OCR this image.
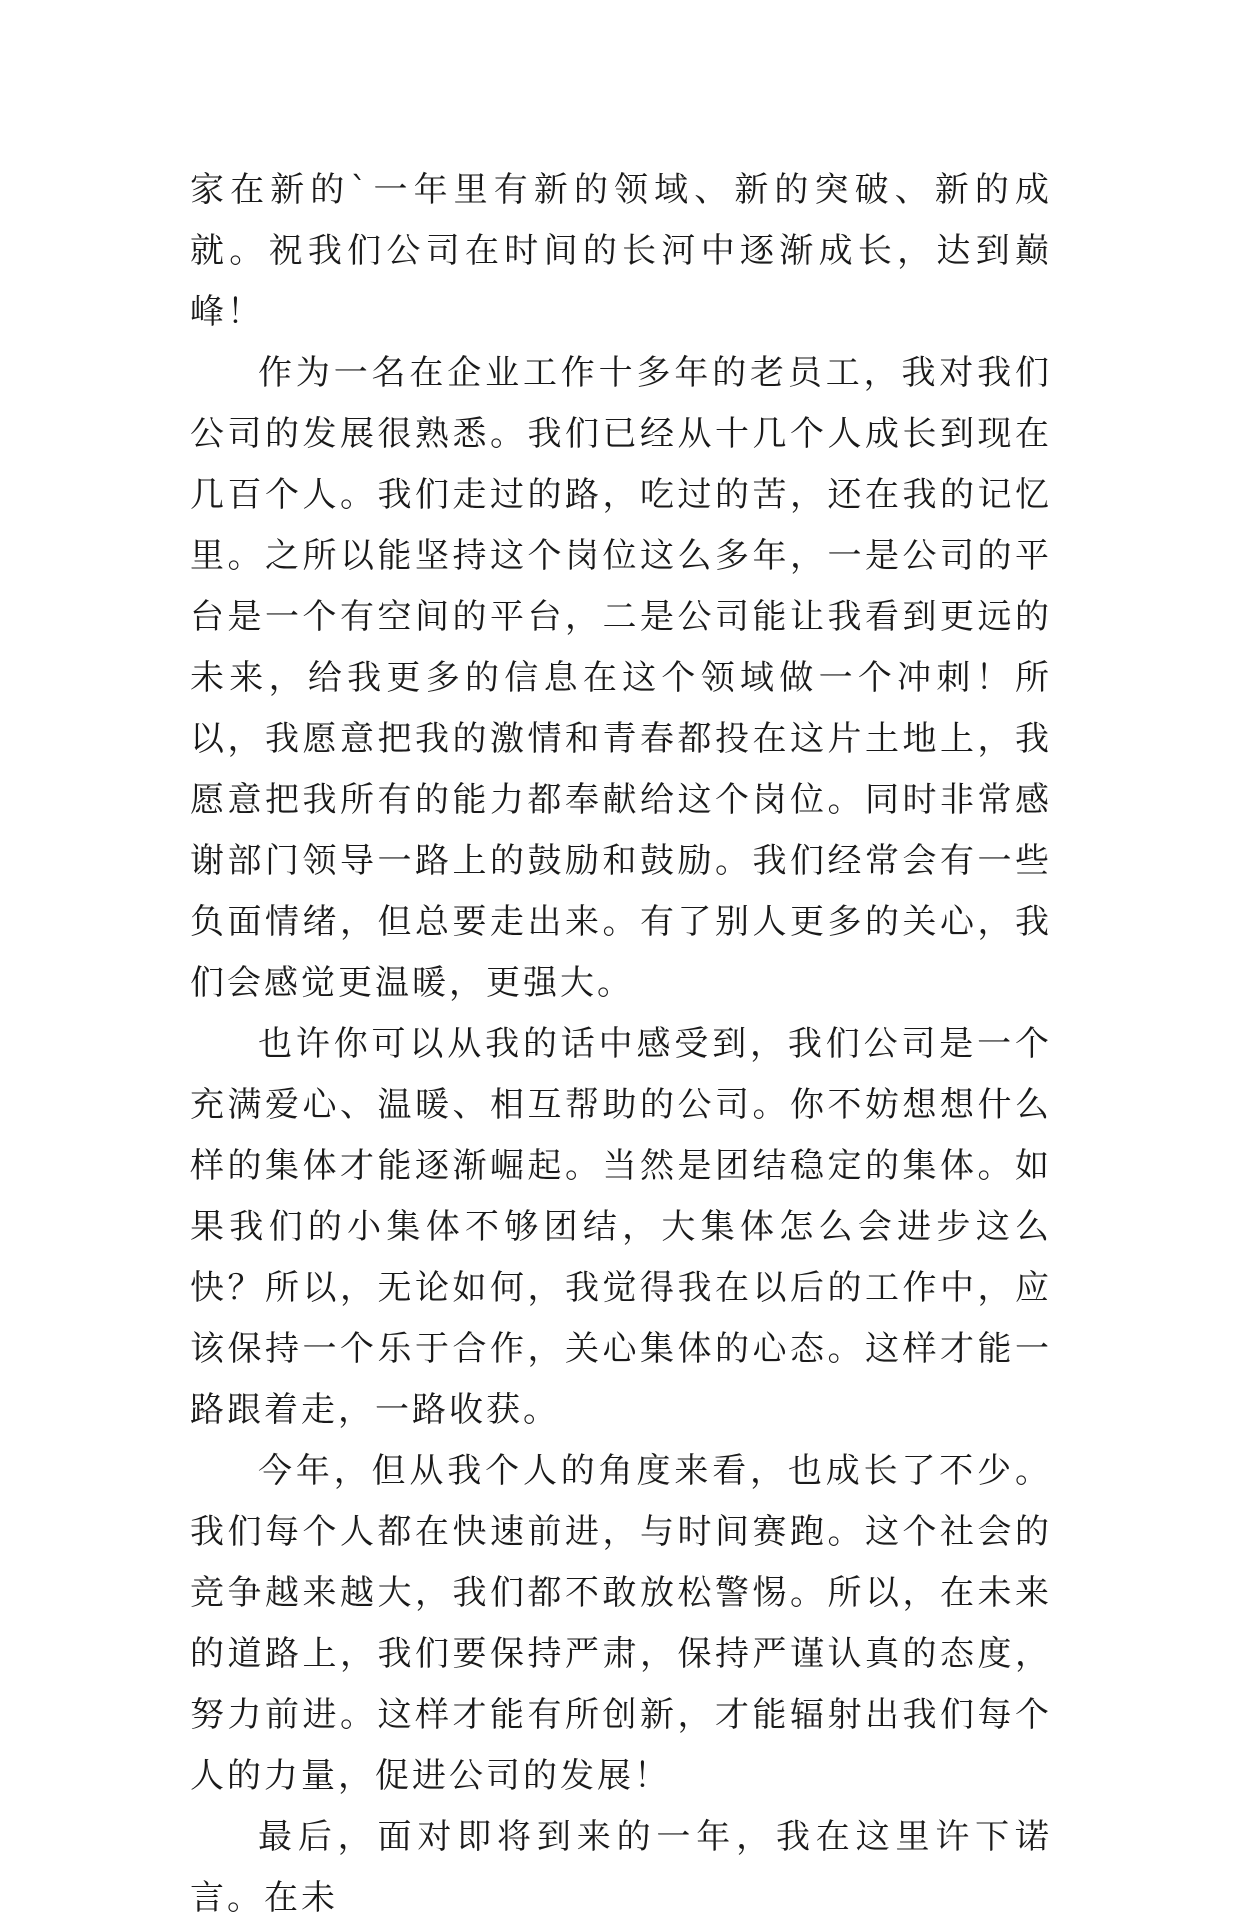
家在新的`一年里有新的领域、新的突破、新的成就。祝我们公司在时间的长河中逐渐成长，达到巅峰！

作为一名在企业工作十多年的老员工，我对我们公司的发展很熟悉。我们已经从十几个人成长到现在几百个人。我们走过的路，吃过的苦，还在我的记忆里。之所以能坚持这个岗位这么多年，一是公司的平台是一个有空间的平台，二是公司能让我看到更远的未来，给我更多的信息在这个领域做一个冲刺！所以，我愿意把我的激情和青春都投在这片土地上，我愿意把我所有的能力都奉献给这个岗位。同时非常感谢部门领导一路上的鼓励和鼓励。我们经常会有一些负面情绪，但总要走出来。有了别人更多的关心，我们会感觉更温暖，更强大。

也许你可以从我的话中感受到，我们公司是一个充满爱心、温暖、相互帮助的公司。你不妨想想什么样的集体才能逐渐崛起。当然是团结稳定的集体。如果我们的小集体不够团结，大集体怎么会进步这么快？所以，无论如何，我觉得我在以后的工作中，应该保持一个乐于合作，关心集体的心态。这样才能一路跟着走，一路收获。

今年，但从我个人的角度来看，也成长了不少。我们每个人都在快速前进，与时间赛跑。这个社会的竞争越来越大，我们都不敢放松警惕。所以，在未来的道路上，我们要保持严肃，保持严谨认真的态度，努力前进。这样才能有所创新，才能辐射出我们每个人的力量，促进公司的发展！

最后，面对即将到来的一年，我在这里许下诺言。在未
